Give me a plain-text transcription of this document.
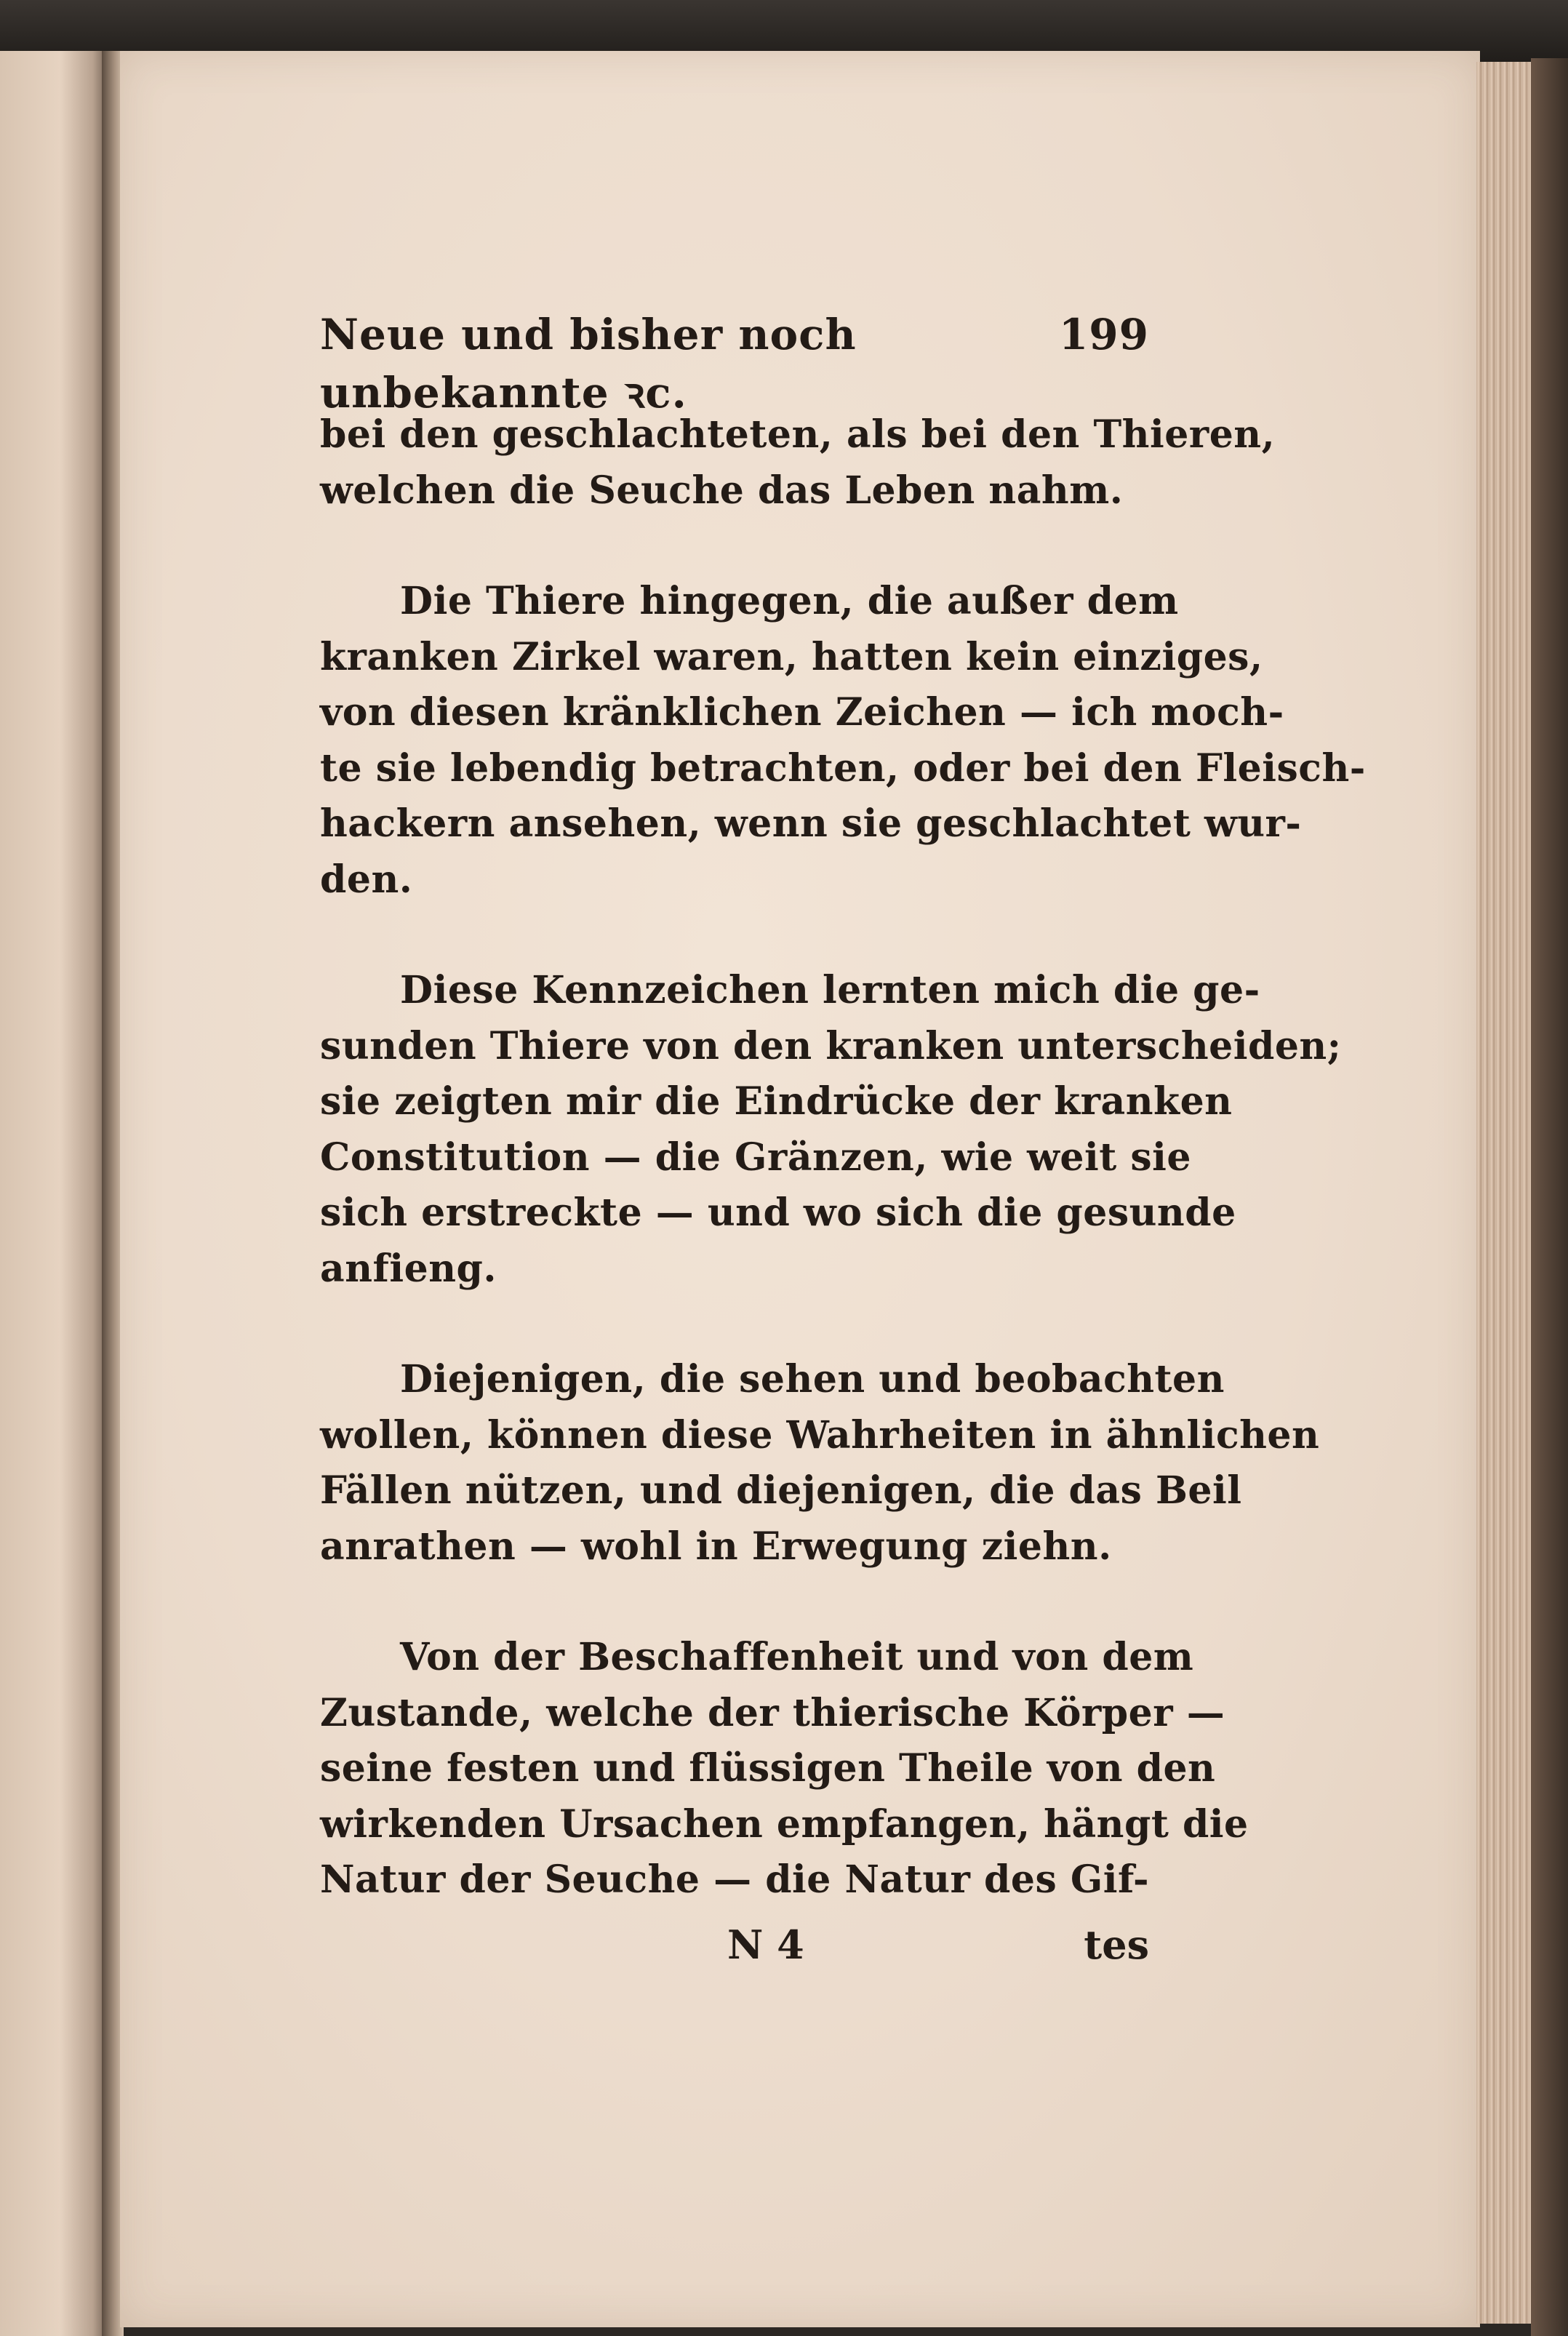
Neue und bisher noch unbekannte ꝛc.
199
bei den geschlachteten, als bei den Thieren,
welchen die Seuche das Leben nahm.
Die Thiere hingegen, die außer dem
kranken Zirkel waren, hatten kein einziges,
von diesen kränklichen Zeichen — ich moch-
te sie lebendig betrachten, oder bei den Fleisch-
hackern ansehen, wenn sie geschlachtet wur-
den.
Diese Kennzeichen lernten mich die ge-
sunden Thiere von den kranken unterscheiden;
sie zeigten mir die Eindrücke der kranken
Constitution — die Gränzen, wie weit sie
sich erstreckte — und wo sich die gesunde
anfieng.
Diejenigen, die sehen und beobachten
wollen, können diese Wahrheiten in ähnlichen
Fällen nützen, und diejenigen, die das Beil
anrathen — wohl in Erwegung ziehn.
Von der Beschaffenheit und von dem
Zustande, welche der thierische Körper —
seine festen und flüssigen Theile von den
wirkenden Ursachen empfangen, hängt die
Natur der Seuche — die Natur des Gif-
N 4	tes
